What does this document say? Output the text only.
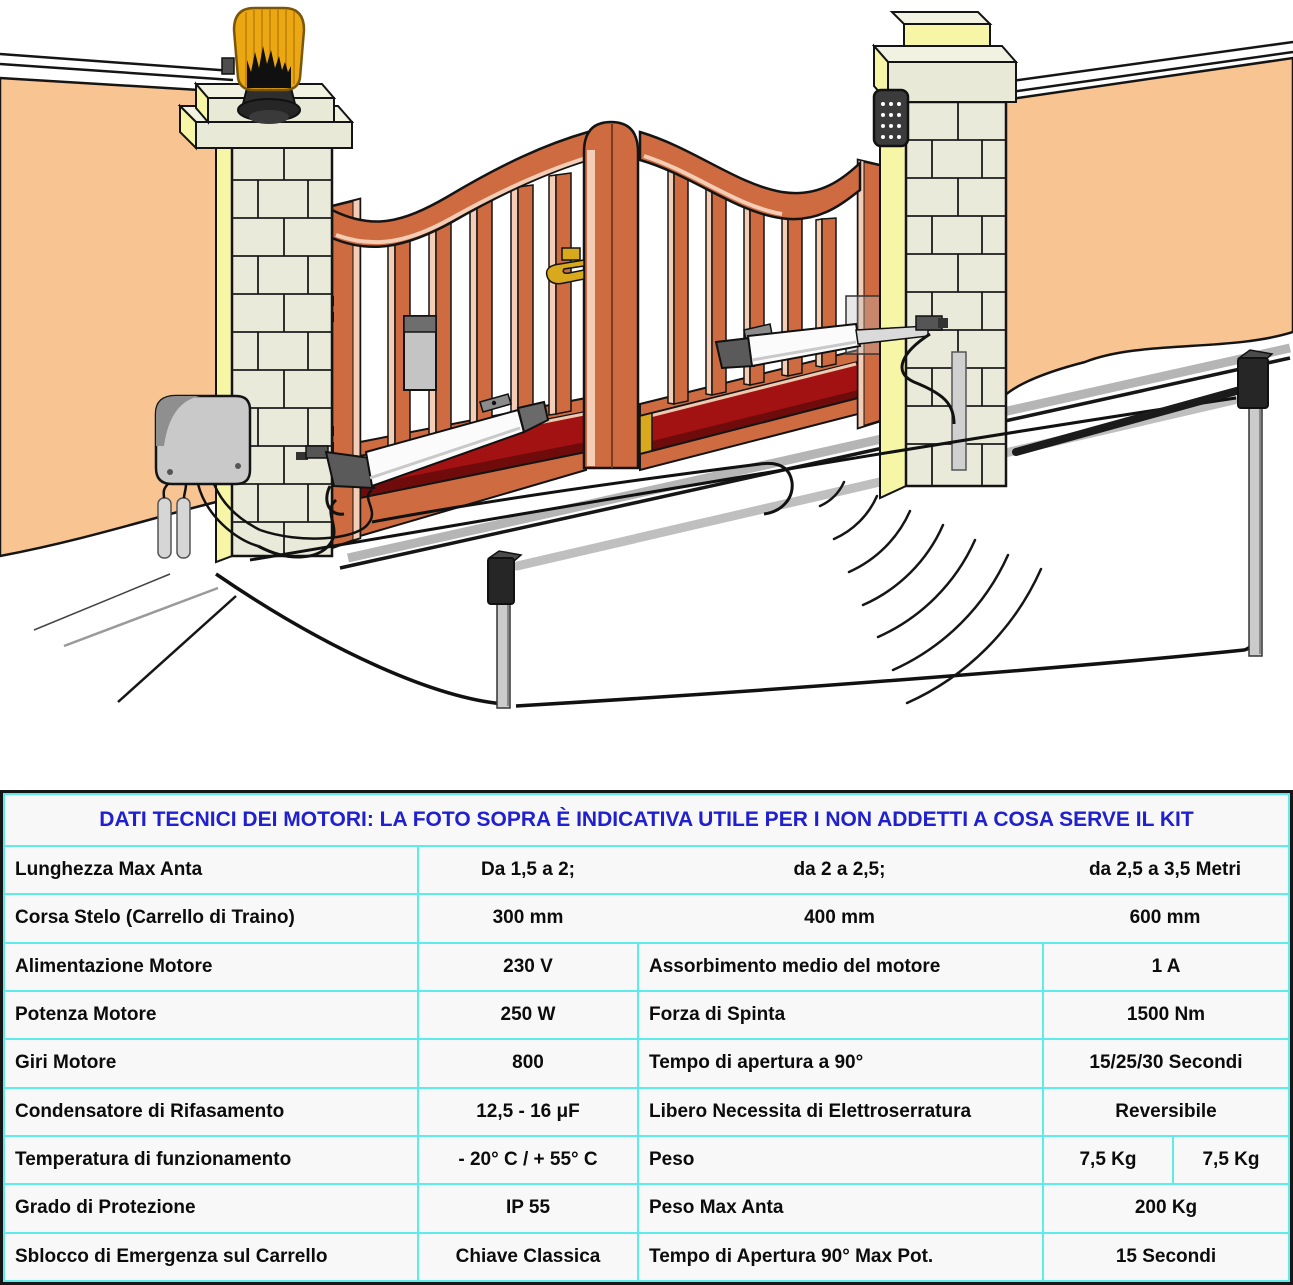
DATI TECNICI DEI MOTORI: LA FOTO SOPRA È INDICATIVA UTILE PER I NON ADDETTI A COSA SERVE IL KIT
Lunghezza Max Anta	Da 1,5 a 2;	da 2 a 2,5;	da 2,5 a 3,5 Metri
Corsa Stelo (Carrello di Traino)	300 mm	400 mm	600 mm
Alimentazione Motore	230 V	Assorbimento medio del motore	1 A
Potenza Motore	250 W	Forza di Spinta	1500 Nm
Giri Motore	800	Tempo di apertura a 90°	15/25/30 Secondi
Condensatore di Rifasamento	12,5 - 16 μF	Libero Necessita di Elettroserratura	Reversibile
Temperatura di funzionamento	- 20° C / + 55° C	Peso	7,5 Kg	7,5 Kg
Grado di Protezione	IP 55	Peso Max Anta	200 Kg
Sblocco di Emergenza sul Carrello	Chiave Classica	Tempo di Apertura 90° Max Pot.	15 Secondi
